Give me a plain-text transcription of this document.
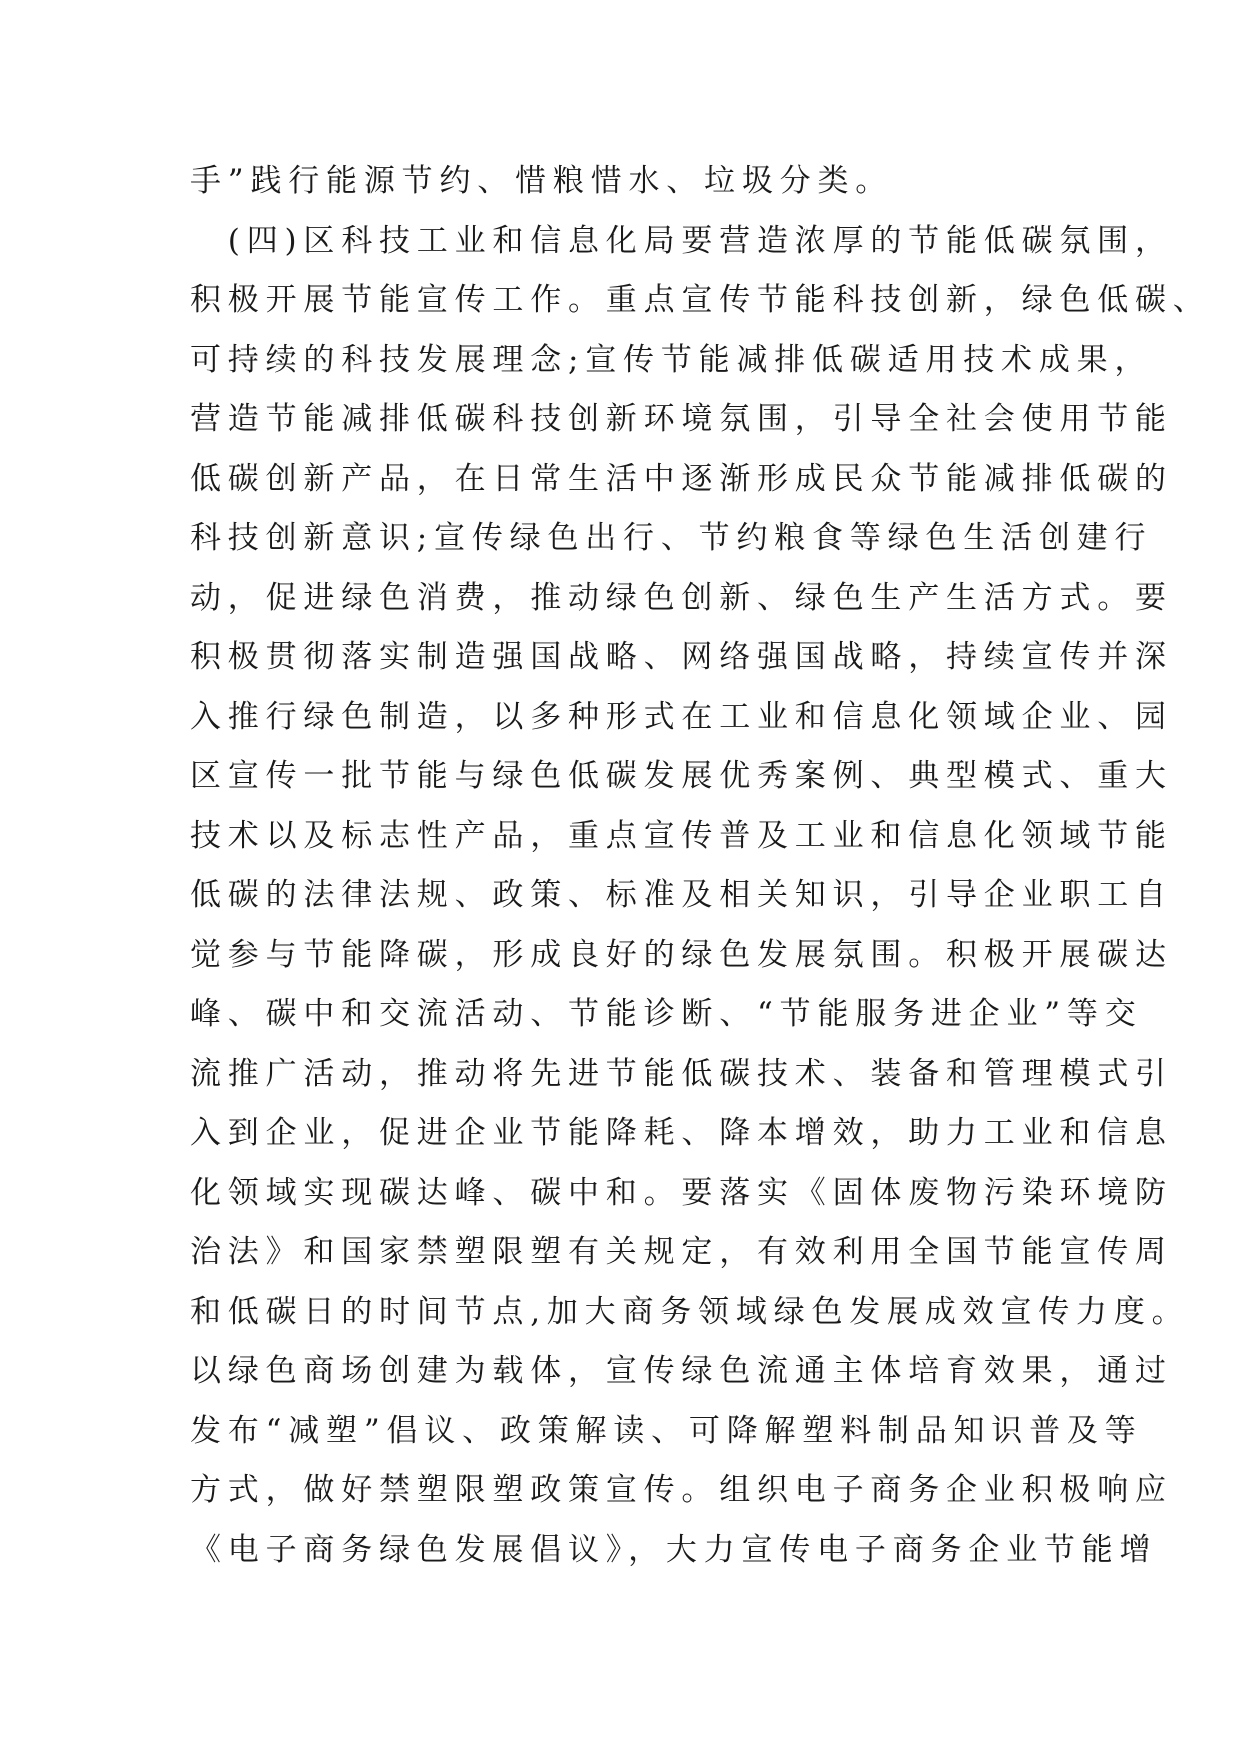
手”践行能源节约、惜粮惜水、垃圾分类。
　(四)区科技工业和信息化局要营造浓厚的节能低碳氛围，
积极开展节能宣传工作。重点宣传节能科技创新，绿色低碳、
可持续的科技发展理念;宣传节能减排低碳适用技术成果，
营造节能减排低碳科技创新环境氛围，引导全社会使用节能
低碳创新产品，在日常生活中逐渐形成民众节能减排低碳的
科技创新意识;宣传绿色出行、节约粮食等绿色生活创建行
动，促进绿色消费，推动绿色创新、绿色生产生活方式。要
积极贯彻落实制造强国战略、网络强国战略，持续宣传并深
入推行绿色制造，以多种形式在工业和信息化领域企业、园
区宣传一批节能与绿色低碳发展优秀案例、典型模式、重大
技术以及标志性产品，重点宣传普及工业和信息化领域节能
低碳的法律法规、政策、标准及相关知识，引导企业职工自
觉参与节能降碳，形成良好的绿色发展氛围。积极开展碳达
峰、碳中和交流活动、节能诊断、“节能服务进企业”等交
流推广活动，推动将先进节能低碳技术、装备和管理模式引
入到企业，促进企业节能降耗、降本增效，助力工业和信息
化领域实现碳达峰、碳中和。要落实《固体废物污染环境防
治法》和国家禁塑限塑有关规定，有效利用全国节能宣传周
和低碳日的时间节点,加大商务领域绿色发展成效宣传力度。
以绿色商场创建为载体，宣传绿色流通主体培育效果，通过
发布“减塑”倡议、政策解读、可降解塑料制品知识普及等
方式，做好禁塑限塑政策宣传。组织电子商务企业积极响应
《电子商务绿色发展倡议》，大力宣传电子商务企业节能增
